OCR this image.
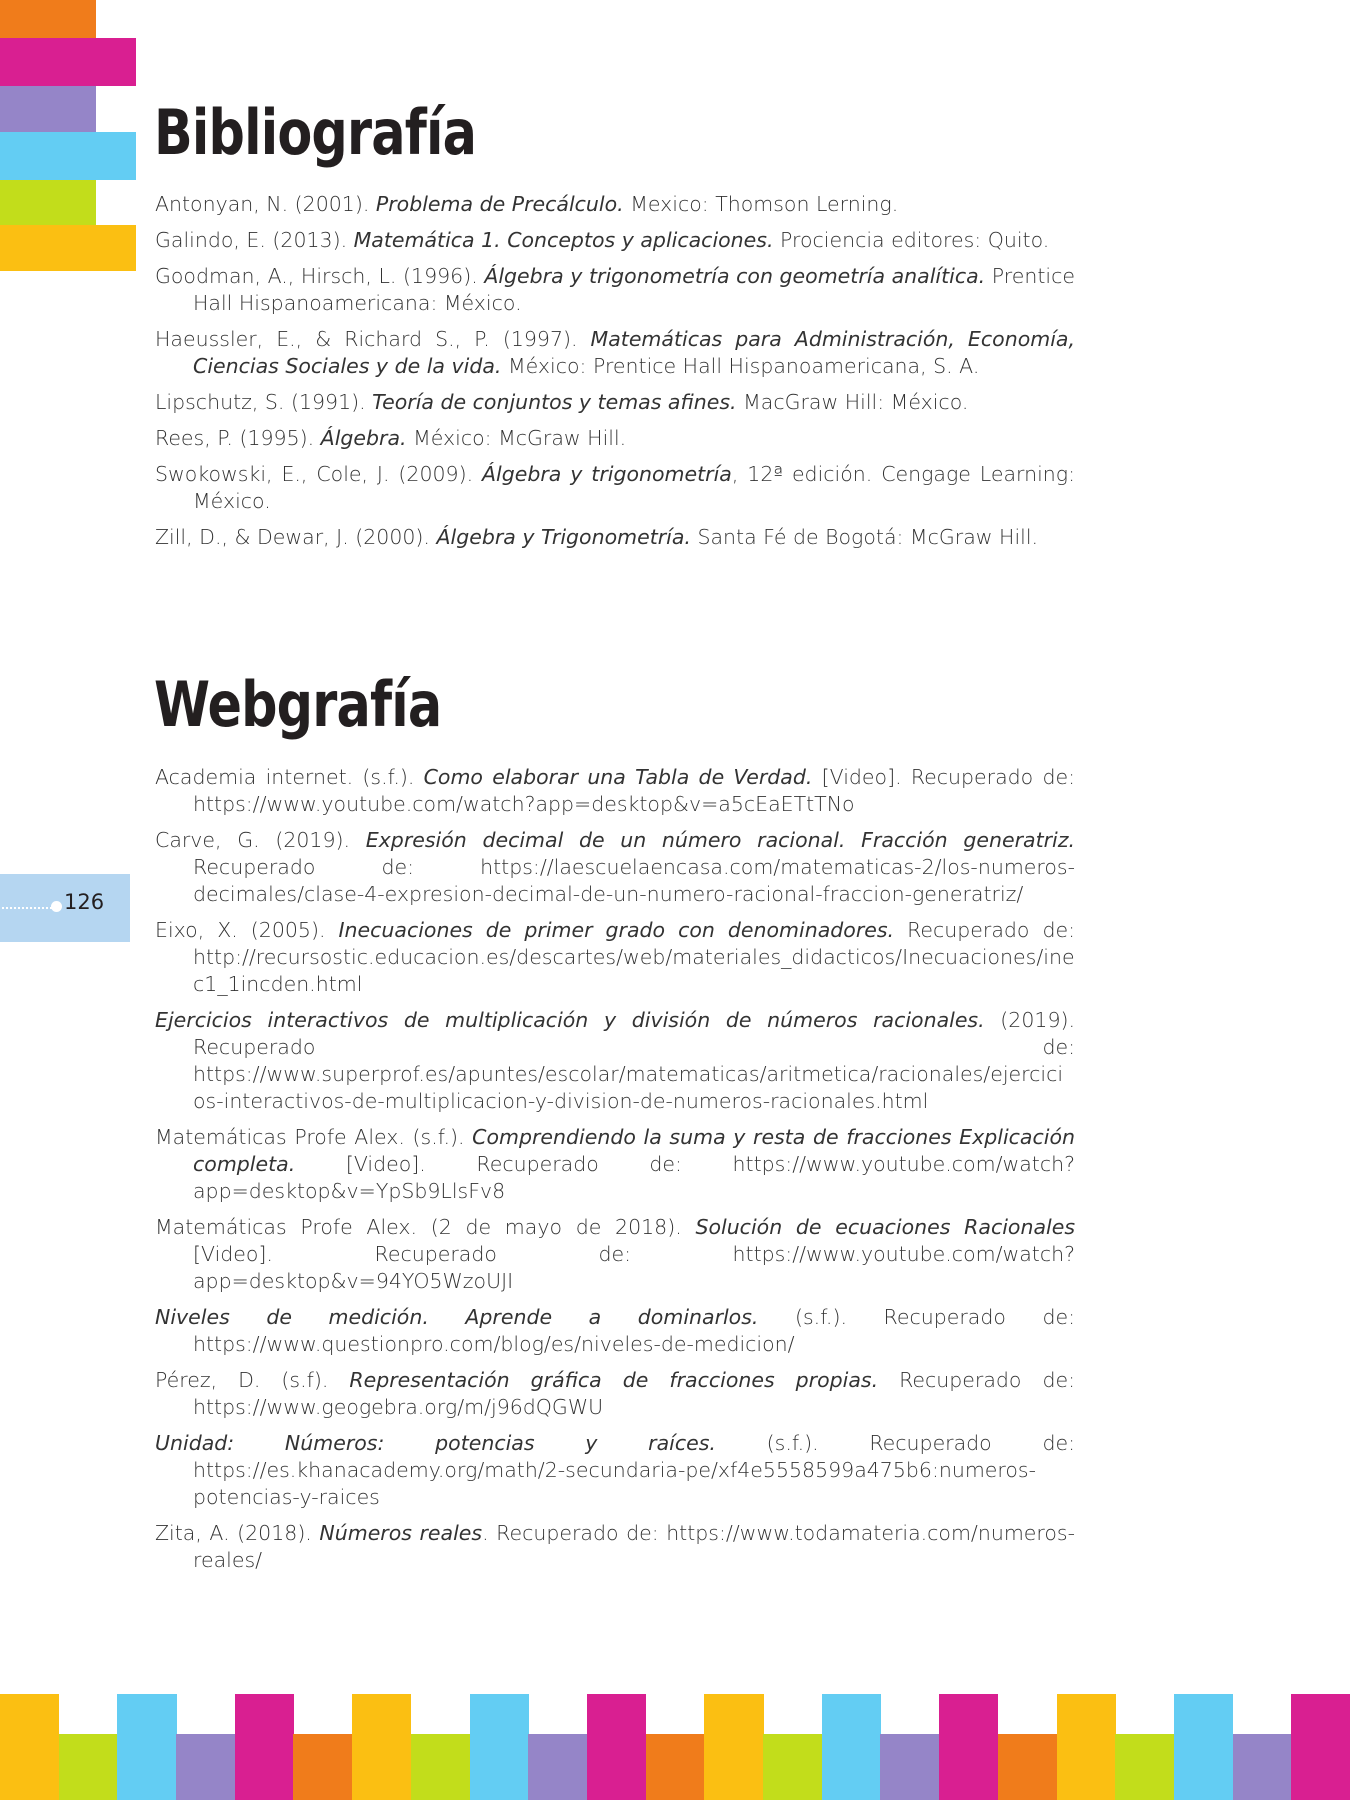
Bibliografía
Antonyan, N. (2001). Problema de Precálculo. Mexico: Thomson Lerning.
Galindo, E. (2013). Matemática 1. Conceptos y aplicaciones. Prociencia editores: Quito.
Goodman, A., Hirsch, L. (1996). Álgebra y trigonometría con geometría analítica. Prentice Hall Hispanoamericana: México.
Haeussler, E., & Richard S., P. (1997). Matemáticas para Administración, Economía, Ciencias Sociales y de la vida. México: Prentice Hall Hispanoamericana, S. A.
Lipschutz, S. (1991). Teoría de conjuntos y temas afines. MacGraw Hill: México.
Rees, P. (1995). Álgebra. México: McGraw Hill.
Swokowski, E., Cole, J. (2009). Álgebra y trigonometría, 12ª edición. Cengage Learning: México.
Zill, D., & Dewar, J. (2000). Álgebra y Trigonometría. Santa Fé de Bogotá: McGraw Hill.
Webgrafía
Academia internet. (s.f.). Como elaborar una Tabla de Verdad. [Video]. Recuperado de: https://www.youtube.com/watch?app=desktop&v=a5cEaETtTNo
Carve, G. (2019). Expresión decimal de un número racional. Fracción generatriz. Recuperado de: https://laescuelaencasa.com/matematicas-2/los-numeros-decimales/clase-4-expresion-decimal-de-un-numero-racional-fraccion-generatriz/
Eixo, X. (2005). Inecuaciones de primer grado con denominadores. Recuperado de: http://recursostic.educacion.es/descartes/web/materiales_didacticos/Inecuaciones/inec1_1incden.html
Ejercicios interactivos de multiplicación y división de números racionales. (2019). Recuperado de: https://www.superprof.es/apuntes/escolar/matematicas/aritmetica/racionales/ejercicios-interactivos-de-multiplicacion-y-division-de-numeros-racionales.html
Matemáticas Profe Alex. (s.f.). Comprendiendo la suma y resta de fracciones Explicación completa. [Video]. Recuperado de: https://www.youtube.com/watch?app=desktop&v=YpSb9LlsFv8
Matemáticas Profe Alex. (2 de mayo de 2018). Solución de ecuaciones Racionales [Video]. Recuperado de: https://www.youtube.com/watch?app=desktop&v=94YO5WzoUJI
Niveles de medición. Aprende a dominarlos. (s.f.). Recuperado de: https://www.questionpro.com/blog/es/niveles-de-medicion/
Pérez, D. (s.f). Representación gráfica de fracciones propias. Recuperado de: https://www.geogebra.org/m/j96dQGWU
Unidad: Números: potencias y raíces. (s.f.). Recuperado de: https://es.khanacademy.org/math/2-secundaria-pe/xf4e5558599a475b6:numeros-potencias-y-raices
Zita, A. (2018). Números reales. Recuperado de: https://www.todamateria.com/numeros-reales/
126
